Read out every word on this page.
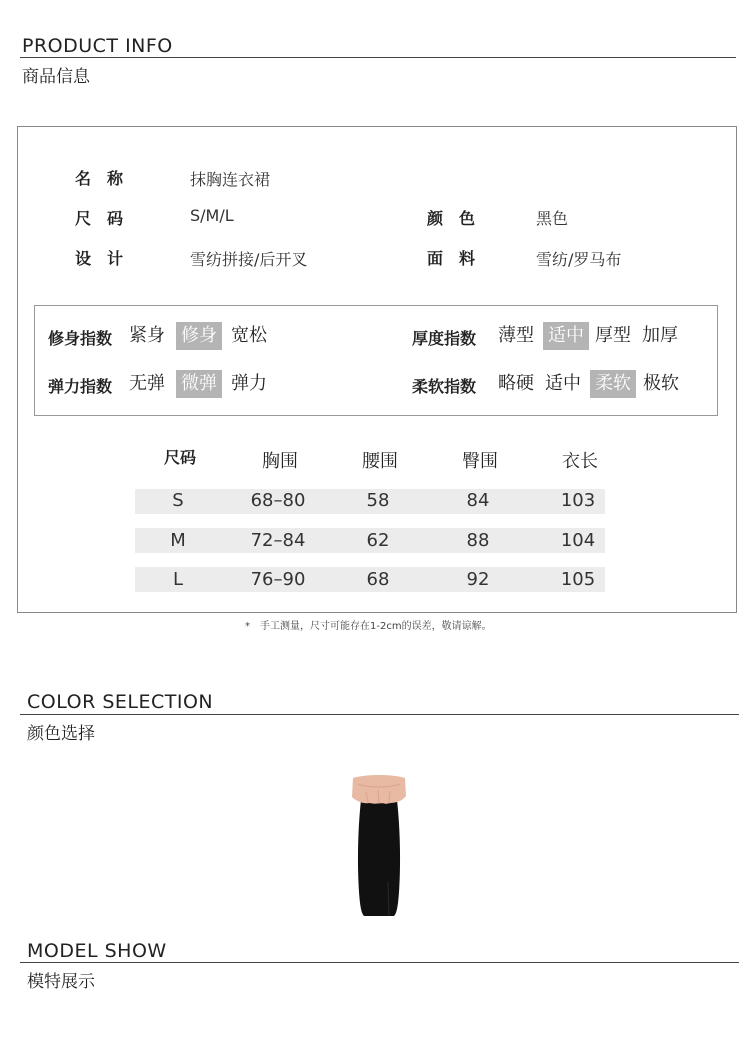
PRODUCT INFO
商品信息
名　称	抹胸连衣裙
尺　码	S/M/L	颜　色	黑色
设　计	雪纺拼接/后开叉	面　料	雪纺/罗马布
修身指数 紧身 修身 宽松	厚度指数 薄型 适中 厚型 加厚
弹力指数 无弹 微弹 弹力	柔软指数 略硬 适中 柔软 极软
尺码	胸围	腰围	臀围	衣长
S	68–80	58	84	103
M	72–84	62	88	104
L	76–90	68	92	105
*　手工测量，尺寸可能存在1-2cm的误差，敬请谅解。
COLOR SELECTION
颜色选择
MODEL SHOW
模特展示
